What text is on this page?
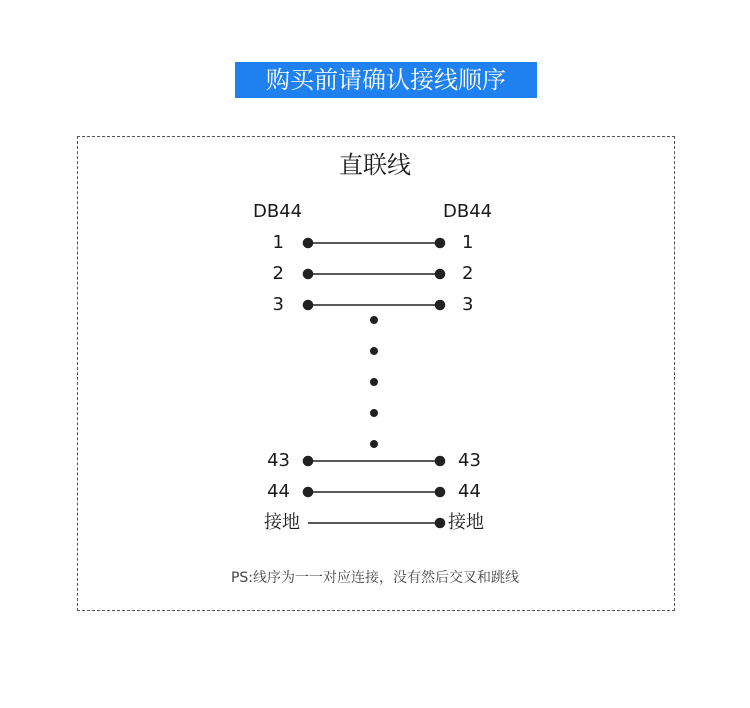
购买前请确认接线顺序
直联线
DB44	DB44
1	1
2	2
3	3
43	43
44	44
接地	接地
PS:线序为一一对应连接，没有然后交叉和跳线
